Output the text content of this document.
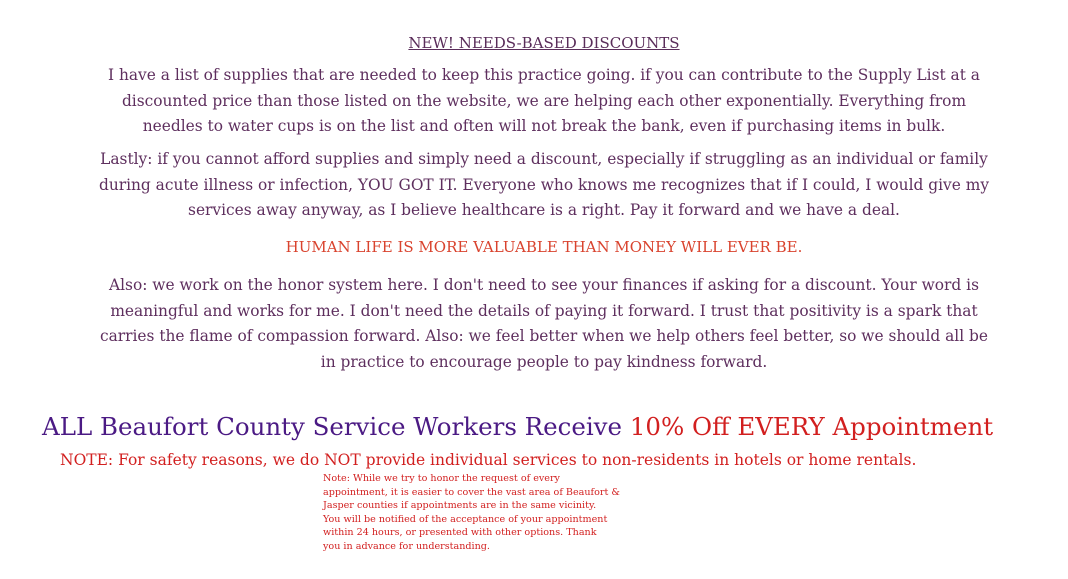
NEW! NEEDS-BASED DISCOUNTS
I have a list of supplies that are needed to keep this practice going. if you can contribute to the Supply List at a
discounted price than those listed on the website, we are helping each other exponentially. Everything from
needles to water cups is on the list and often will not break the bank, even if purchasing items in bulk.
Lastly: if you cannot afford supplies and simply need a discount, especially if struggling as an individual or family
during acute illness or infection, YOU GOT IT. Everyone who knows me recognizes that if I could, I would give my
services away anyway, as I believe healthcare is a right. Pay it forward and we have a deal.
HUMAN LIFE IS MORE VALUABLE THAN MONEY WILL EVER BE.
Also: we work on the honor system here. I don't need to see your finances if asking for a discount. Your word is
meaningful and works for me. I don't need the details of paying it forward. I trust that positivity is a spark that
carries the flame of compassion forward. Also: we feel better when we help others feel better, so we should all be
in practice to encourage people to pay kindness forward.
ALL Beaufort County Service Workers Receive 10% Off EVERY Appointment
NOTE: For safety reasons, we do NOT provide individual services to non-residents in hotels or home rentals.
Note: While we try to honor the request of every
appointment, it is easier to cover the vast area of Beaufort &
Jasper counties if appointments are in the same vicinity.
You will be notified of the acceptance of your appointment
within 24 hours, or presented with other options. Thank
you in advance for understanding.
